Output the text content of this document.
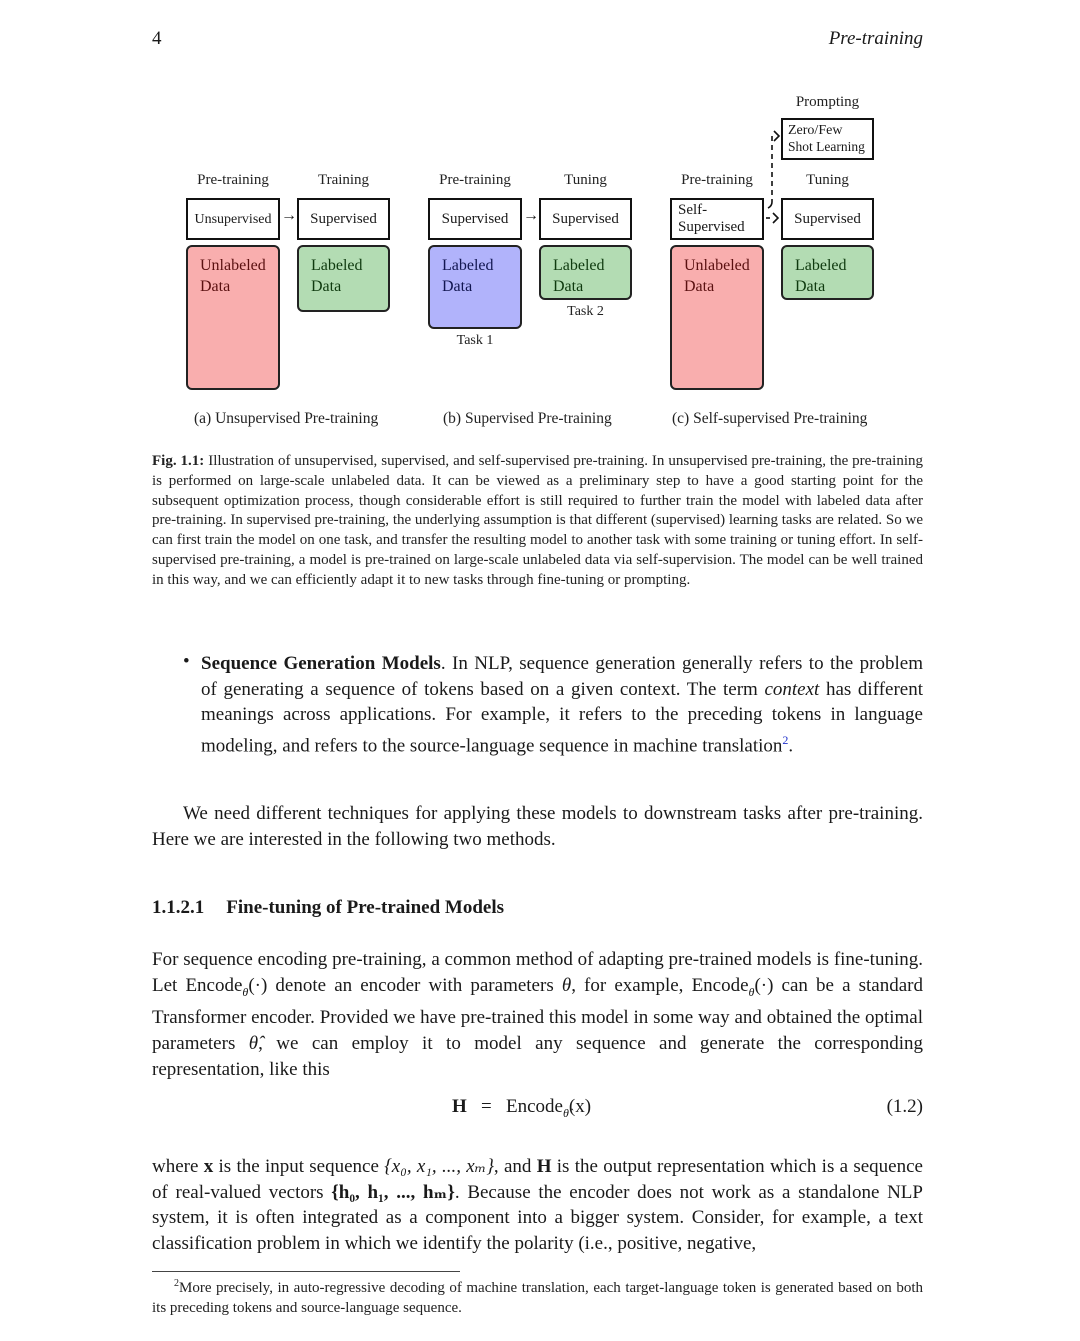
4	Pre-training
Pre-training	Training
Unsupervised → Supervised
Unlabeled
Data
Labeled
Data
(a) Unsupervised Pre-training
Pre-training	Tuning
Supervised → Supervised
Labeled
Data
Labeled
Data
Task 1
Task 2
(b) Supervised Pre-training
Prompting
Zero/Few
Shot Learning
Pre-training	Tuning
Self-
Supervised
Supervised
Unlabeled
Data
Labeled
Data
(c) Self-supervised Pre-training
Fig. 1.1: Illustration of unsupervised, supervised, and self-supervised pre-training. In unsupervised pre-training, the pre-training is performed on large-scale unlabeled data. It can be viewed as a preliminary step to have a good starting point for the subsequent optimization process, though considerable effort is still required to further train the model with labeled data after pre-training. In supervised pre-training, the underlying assumption is that different (supervised) learning tasks are related. So we can first train the model on one task, and transfer the resulting model to another task with some training or tuning effort. In self-supervised pre-training, a model is pre-trained on large-scale unlabeled data via self-supervision. The model can be well trained in this way, and we can efficiently adapt it to new tasks through fine-tuning or prompting.
• Sequence Generation Models. In NLP, sequence generation generally refers to the problem of generating a sequence of tokens based on a given context. The term context has different meanings across applications. For example, it refers to the preceding tokens in language modeling, and refers to the source-language sequence in machine translation$^2$.
We need different techniques for applying these models to downstream tasks after pre-training. Here we are interested in the following two methods.
1.1.2.1 Fine-tuning of Pre-trained Models
For sequence encoding pre-training, a common method of adapting pre-trained models is fine-tuning. Let Encode$_\theta$(·) denote an encoder with parameters θ, for example, Encode$_\theta$(·) can be a standard Transformer encoder. Provided we have pre-trained this model in some way and obtained the optimal parameters θ̂, we can employ it to model any sequence and generate the corresponding representation, like this
H = Encode$_{\thetâ}$(x)	(1.2)
where x is the input sequence {x₀, x₁, ..., xₘ}, and H is the output representation which is a sequence of real-valued vectors {h₀, h₁, ..., hₘ}. Because the encoder does not work as a standalone NLP system, it is often integrated as a component into a bigger system. Consider, for example, a text classification problem in which we identify the polarity (i.e., positive, negative,
$^2$More precisely, in auto-regressive decoding of machine translation, each target-language token is generated based on both its preceding tokens and source-language sequence.
